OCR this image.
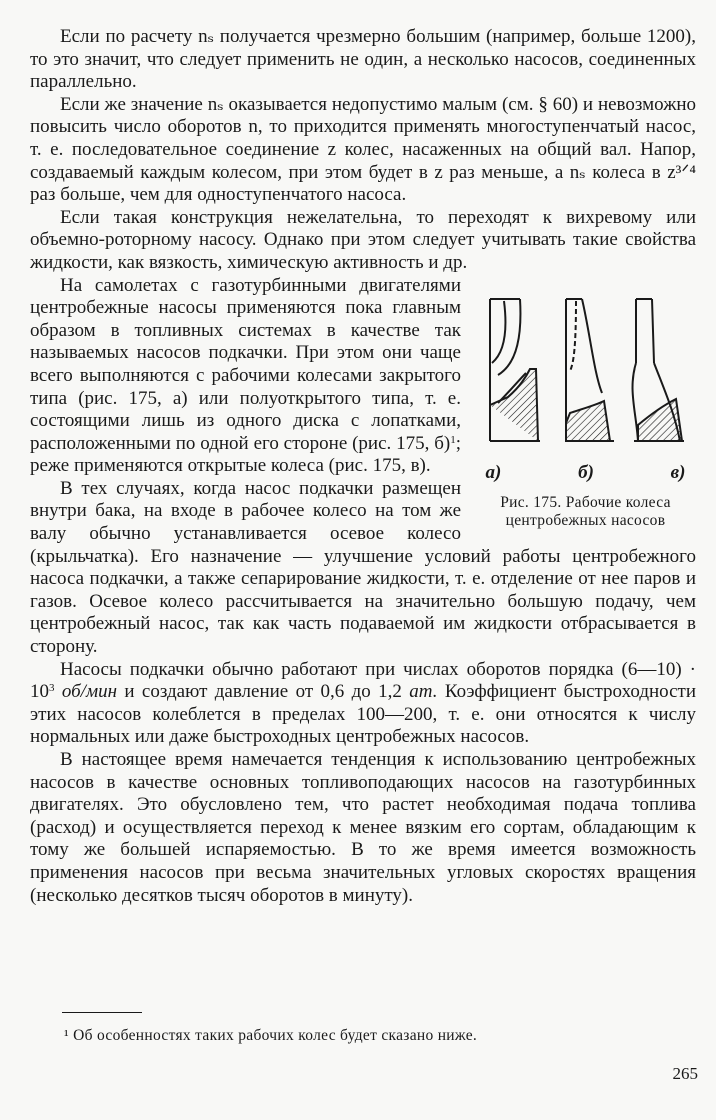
Если по расчету nₛ получается чрезмерно большим (например, больше 1200), то это значит, что следует применить не один, а несколько насосов, соединенных параллельно.

Если же значение nₛ оказывается недопустимо малым (см. § 60) и невозможно повысить число оборотов n, то приходится применять многоступенчатый насос, т. е. последовательное соединение z колес, насаженных на общий вал. Напор, создаваемый каждым колесом, при этом будет в z раз меньше, а nₛ колеса в z³ᐟ⁴ раз больше, чем для одноступенчатого насоса.

Если такая конструкция нежелательна, то переходят к вихревому или объемно-роторному насосу. Однако при этом следует учитывать такие свойства жидкости, как вязкость, химическую активность и др.

а)	б)	в)
Рис. 175. Рабочие колеса
центробежных насосов

На самолетах с газотурбинными двигателями центробежные насосы применяются пока главным образом в топливных системах в качестве так называемых насосов подкачки. При этом они чаще всего выполняются с рабочими колесами закрытого типа (рис. 175, а) или полуоткрытого типа, т. е. состоящими лишь из одного диска с лопатками, расположенными по одной его стороне (рис. 175, б)$^1$; реже применяются открытые колеса (рис. 175, в).

В тех случаях, когда насос подкачки размещен внутри бака, на входе в рабочее колесо на том же валу обычно устанавливается осевое колесо (крыльчатка). Его назначение — улучшение условий работы центробежного насоса подкачки, а также сепарирование жидкости, т. е. отделение от нее паров и газов. Осевое колесо рассчитывается на значительно большую подачу, чем центробежный насос, так как часть подаваемой им жидкости отбрасывается в сторону.

Насосы подкачки обычно работают при числах оборотов порядка (6—10) · $10^3$ об/мин и создают давление от 0,6 до 1,2 ат. Коэффициент быстроходности этих насосов колеблется в пределах 100—200, т. е. они относятся к числу нормальных или даже быстроходных центробежных насосов.

В настоящее время намечается тенденция к использованию центробежных насосов в качестве основных топливоподающих насосов на газотурбинных двигателях. Это обусловлено тем, что растет необходимая подача топлива (расход) и осуществляется переход к менее вязким его сортам, обладающим к тому же большей испаряемостью. В то же время имеется возможность применения насосов при весьма значительных угловых скоростях вращения (несколько десятков тысяч оборотов в минуту).

¹ Об особенностях таких рабочих колес будет сказано ниже.
265
